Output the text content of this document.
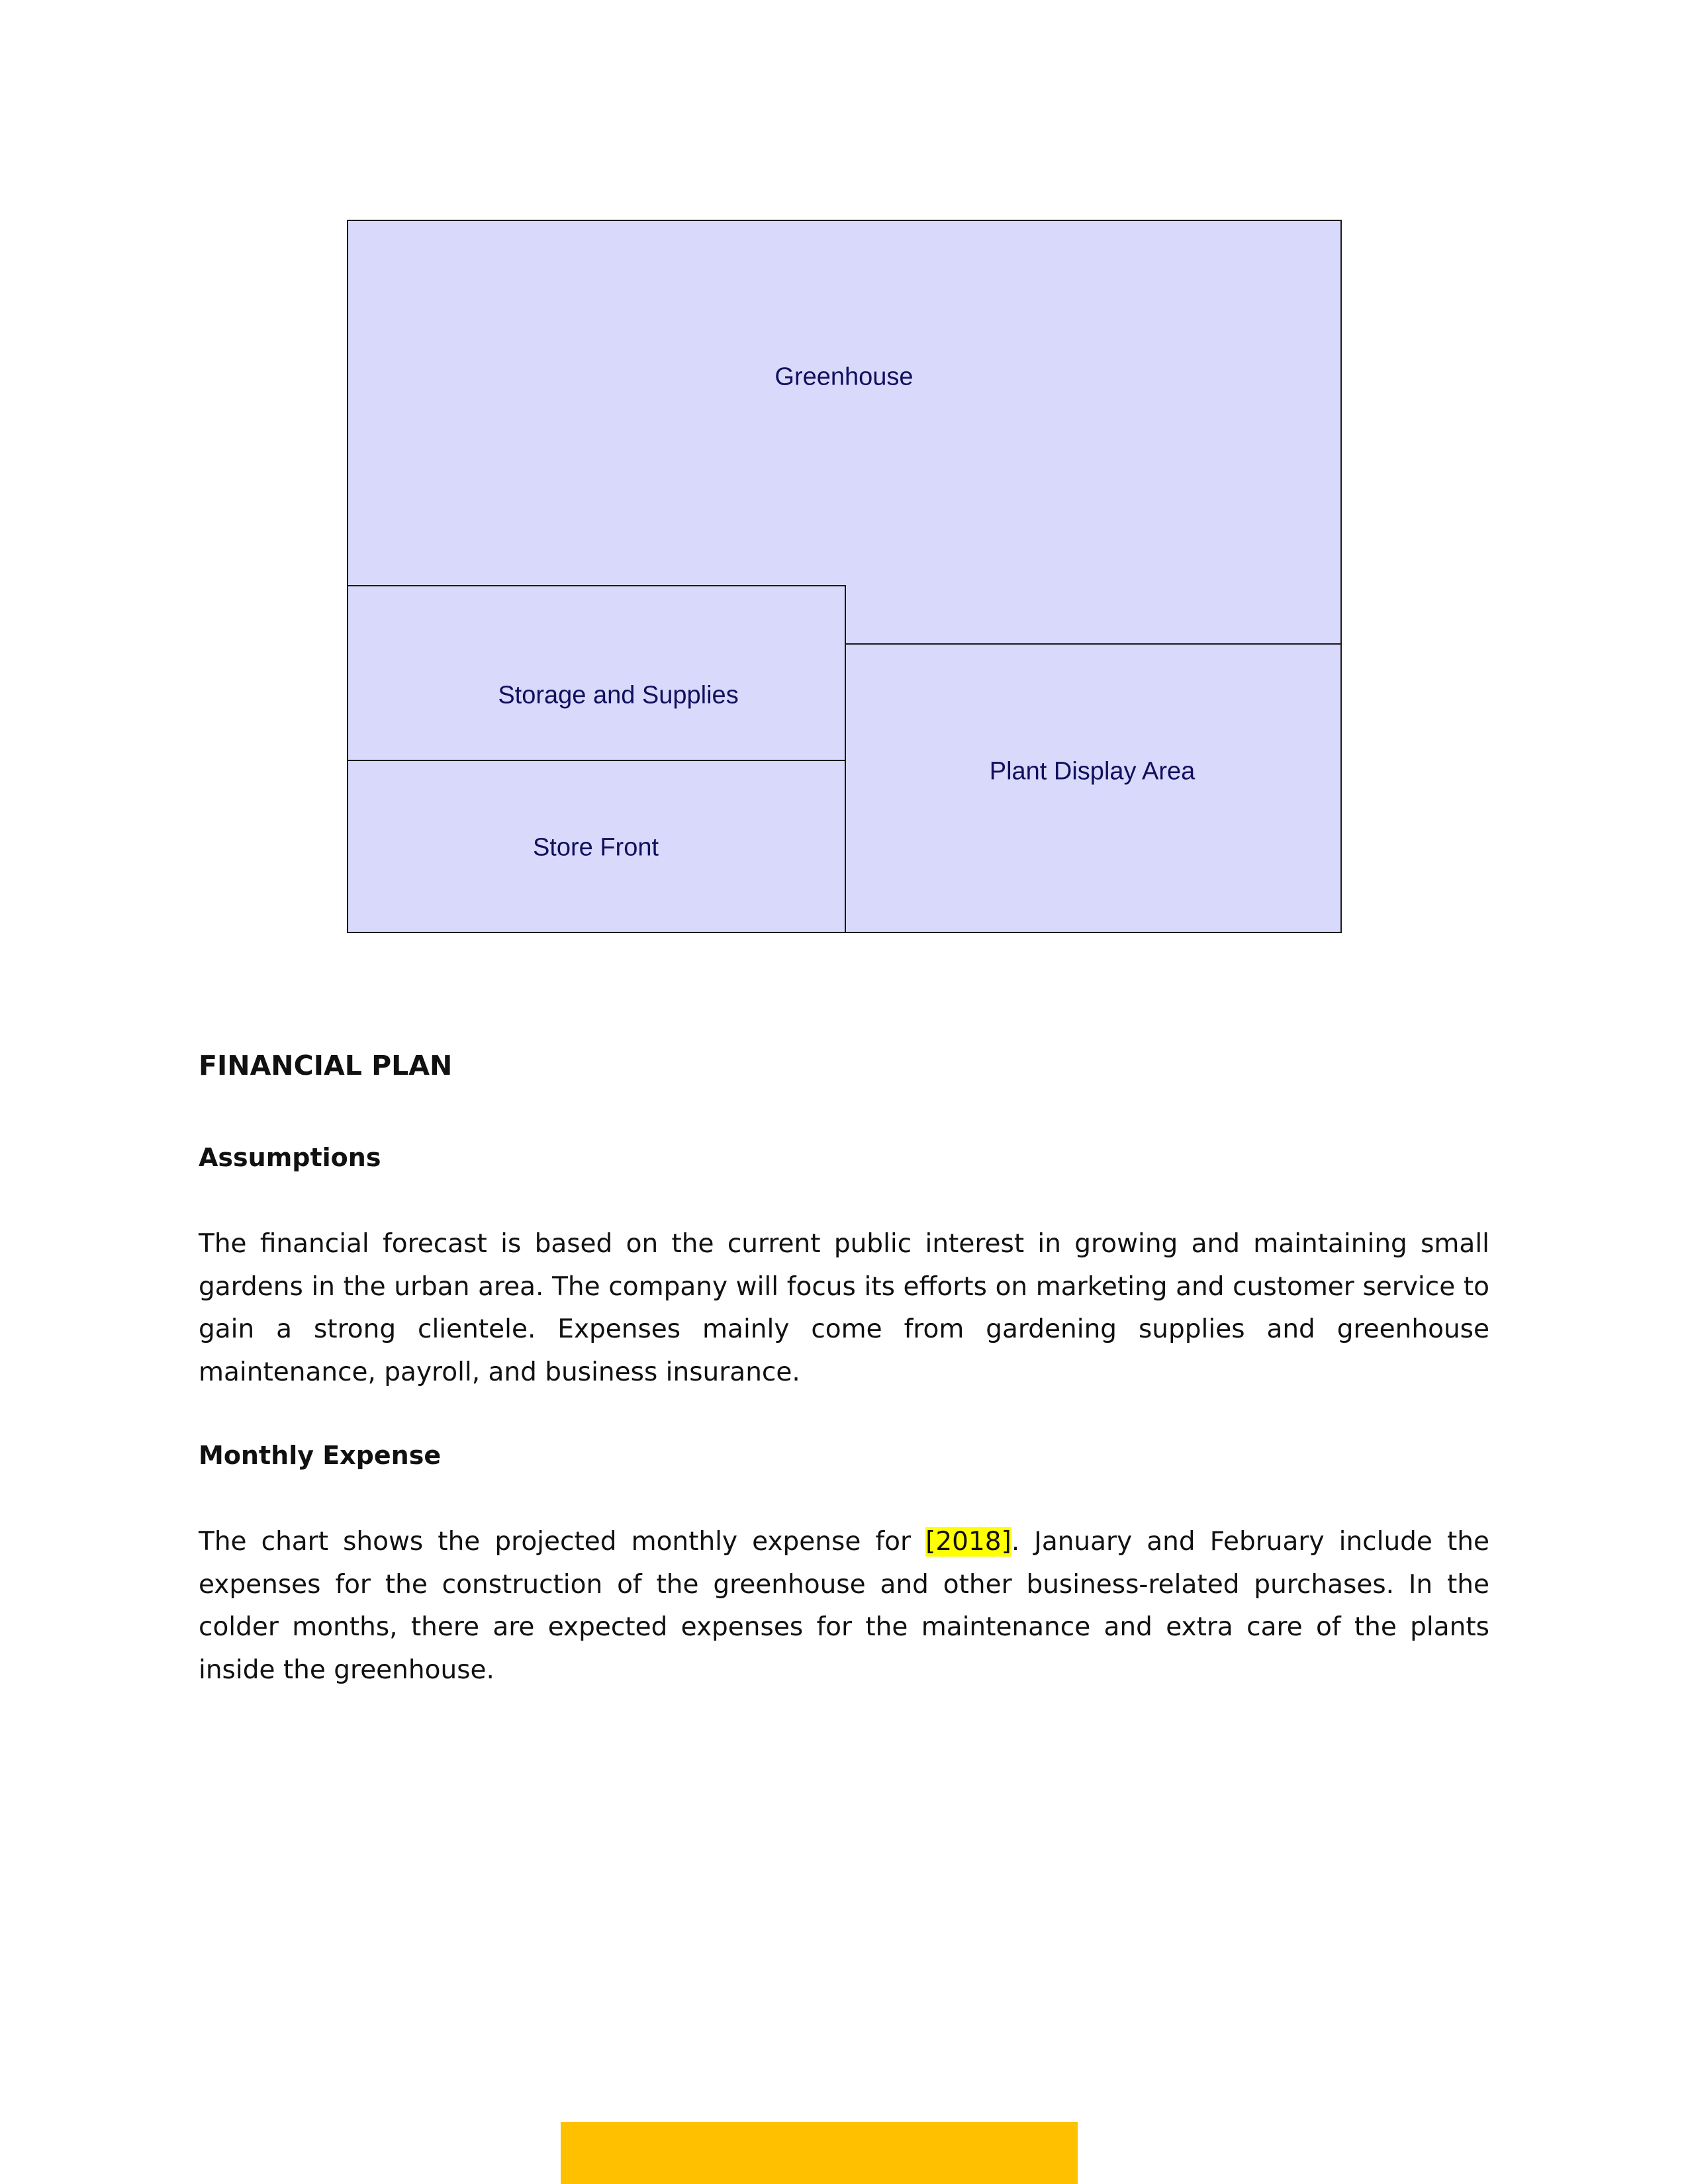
Greenhouse
Storage and Supplies
Store Front
Plant Display Area
FINANCIAL PLAN
Assumptions

The financial forecast is based on the current public interest in growing and maintaining small gardens in the urban area. The company will focus its efforts on marketing and customer service to gain a strong clientele. Expenses mainly come from gardening supplies and greenhouse maintenance, payroll, and business insurance.

Monthly Expense

The chart shows the projected monthly expense for [2018]. January and February include the expenses for the construction of the greenhouse and other business-related purchases. In the colder months, there are expected expenses for the maintenance and extra care of the plants inside the greenhouse.
